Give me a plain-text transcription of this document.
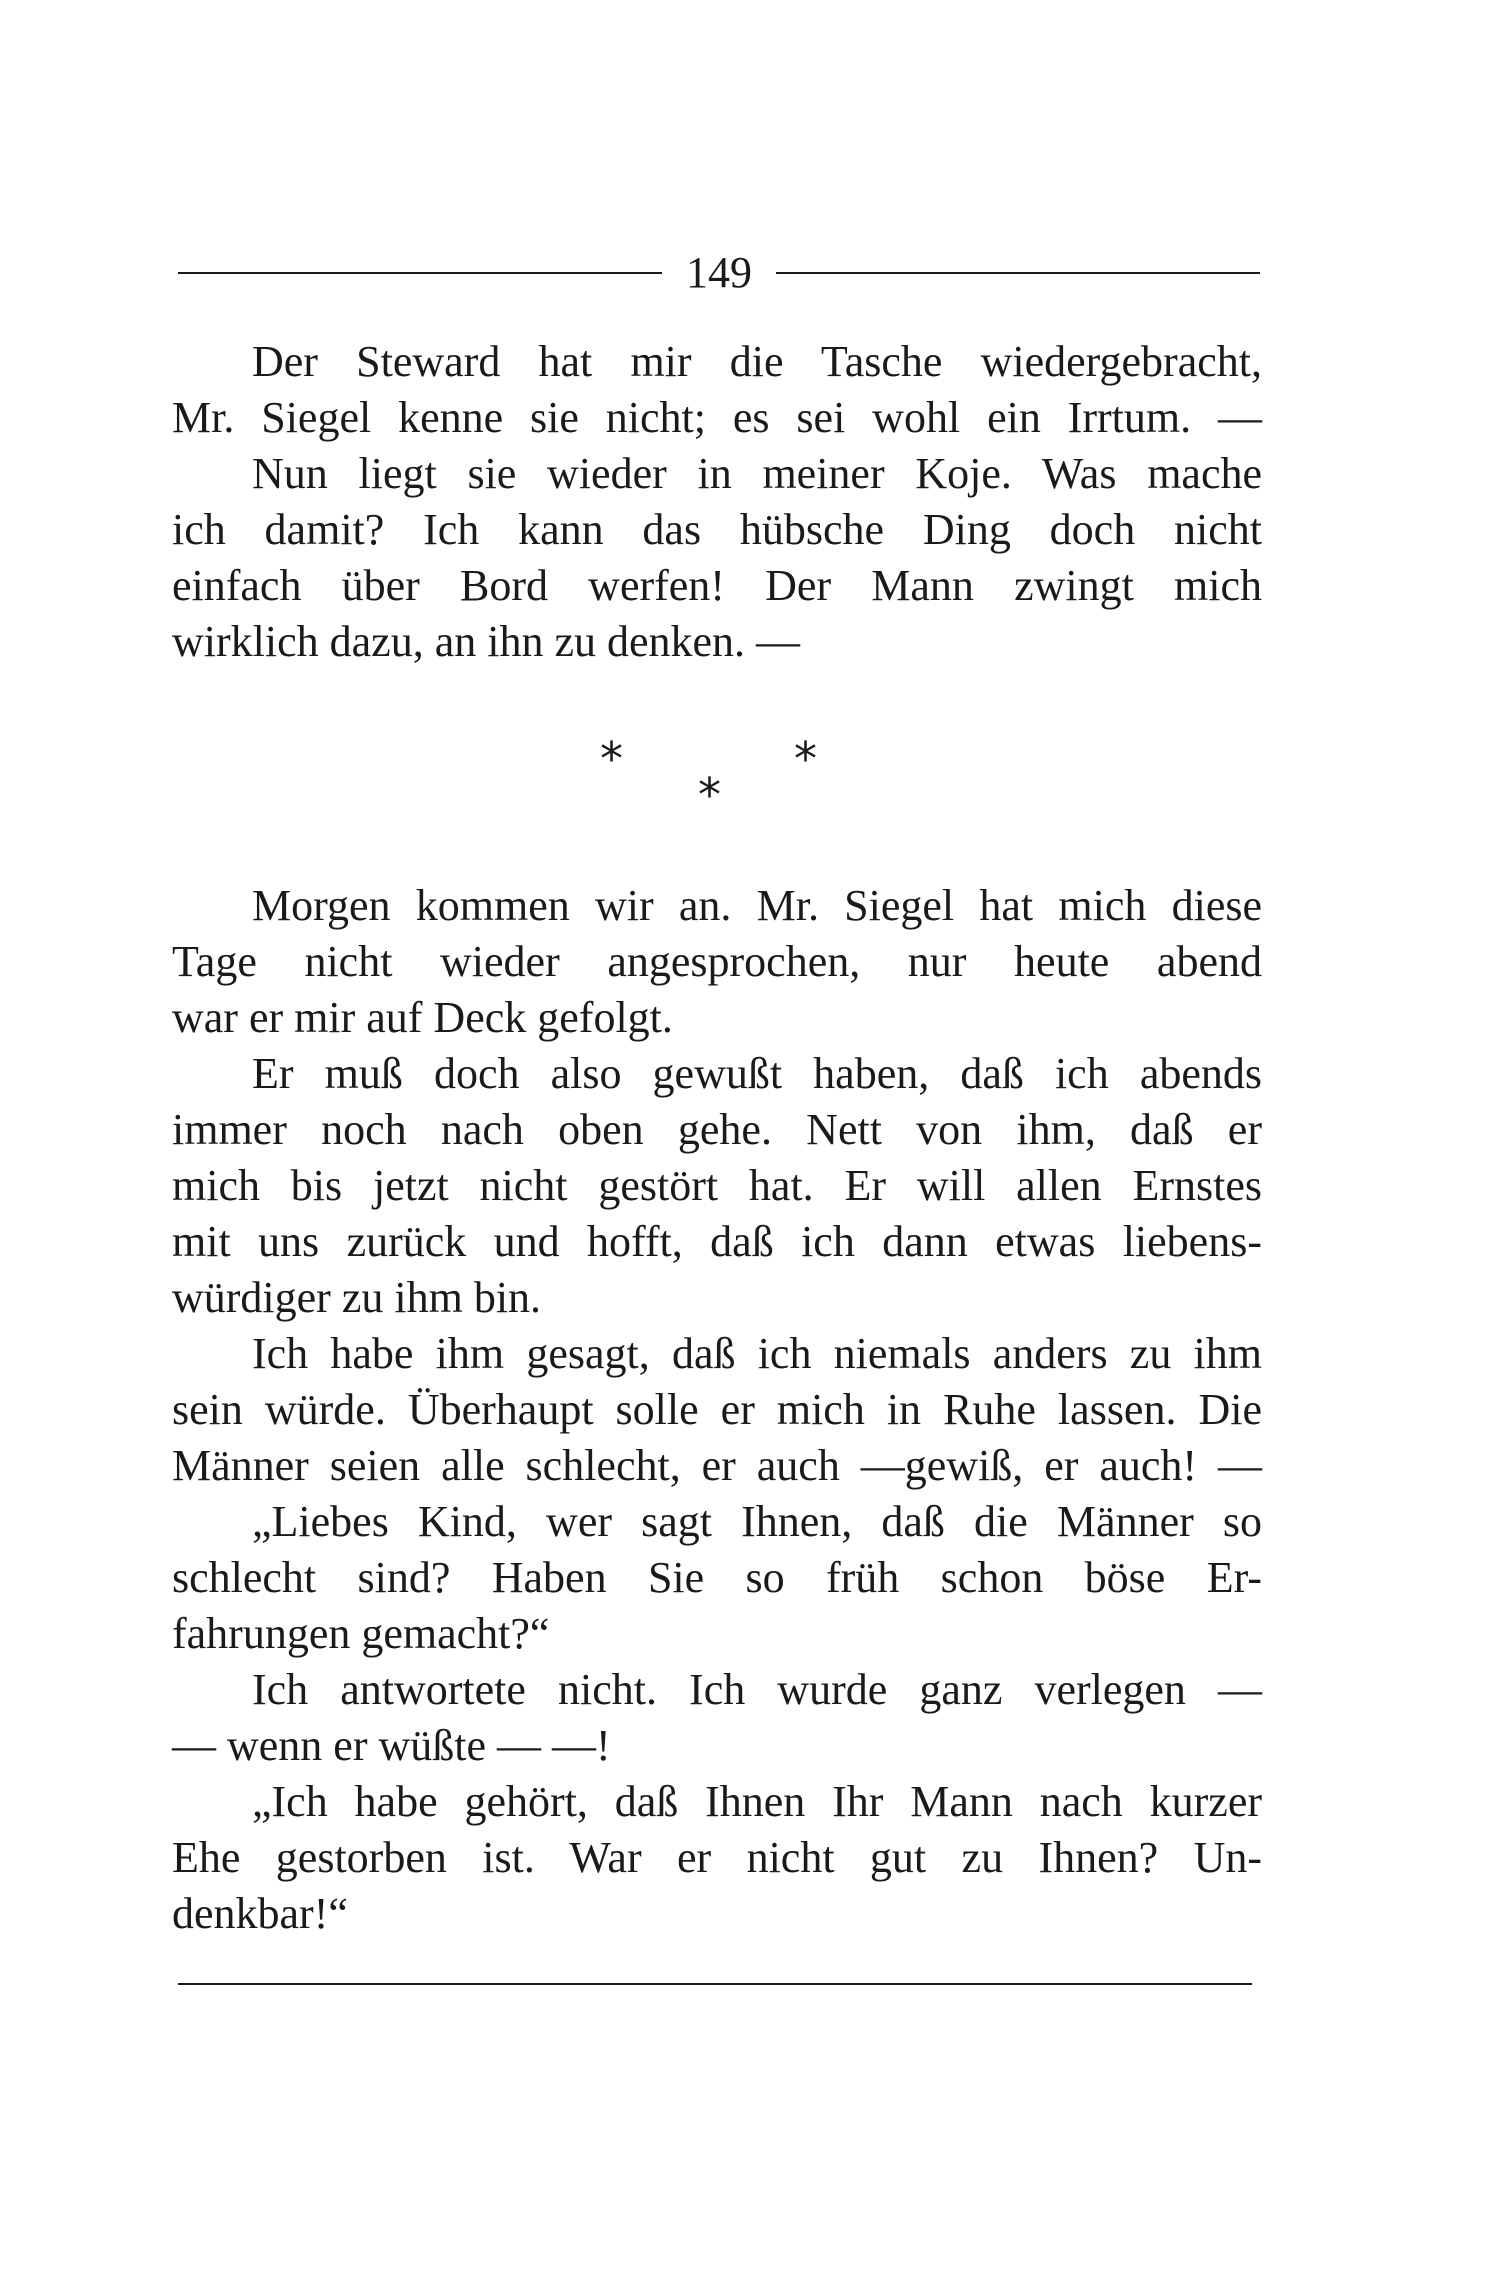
149
Der Steward hat mir die Tasche wiedergebracht,
Mr. Siegel kenne sie nicht; es sei wohl ein Irrtum. —
Nun liegt sie wieder in meiner Koje. Was mache
ich damit? Ich kann das hübsche Ding doch nicht
einfach über Bord werfen! Der Mann zwingt mich
wirklich dazu, an ihn zu denken. —
*	*
*
Morgen kommen wir an. Mr. Siegel hat mich diese
Tage nicht wieder angesprochen, nur heute abend
war er mir auf Deck gefolgt.
Er muß doch also gewußt haben, daß ich abends
immer noch nach oben gehe. Nett von ihm, daß er
mich bis jetzt nicht gestört hat. Er will allen Ernstes
mit uns zurück und hofft, daß ich dann etwas liebens-
würdiger zu ihm bin.
Ich habe ihm gesagt, daß ich niemals anders zu ihm
sein würde. Überhaupt solle er mich in Ruhe lassen. Die
Männer seien alle schlecht, er auch —gewiß, er auch! —
„Liebes Kind, wer sagt Ihnen, daß die Männer so
schlecht sind? Haben Sie so früh schon böse Er-
fahrungen gemacht?“
Ich antwortete nicht. Ich wurde ganz verlegen —
— wenn er wüßte — —!
„Ich habe gehört, daß Ihnen Ihr Mann nach kurzer
Ehe gestorben ist. War er nicht gut zu Ihnen? Un-
denkbar!“
